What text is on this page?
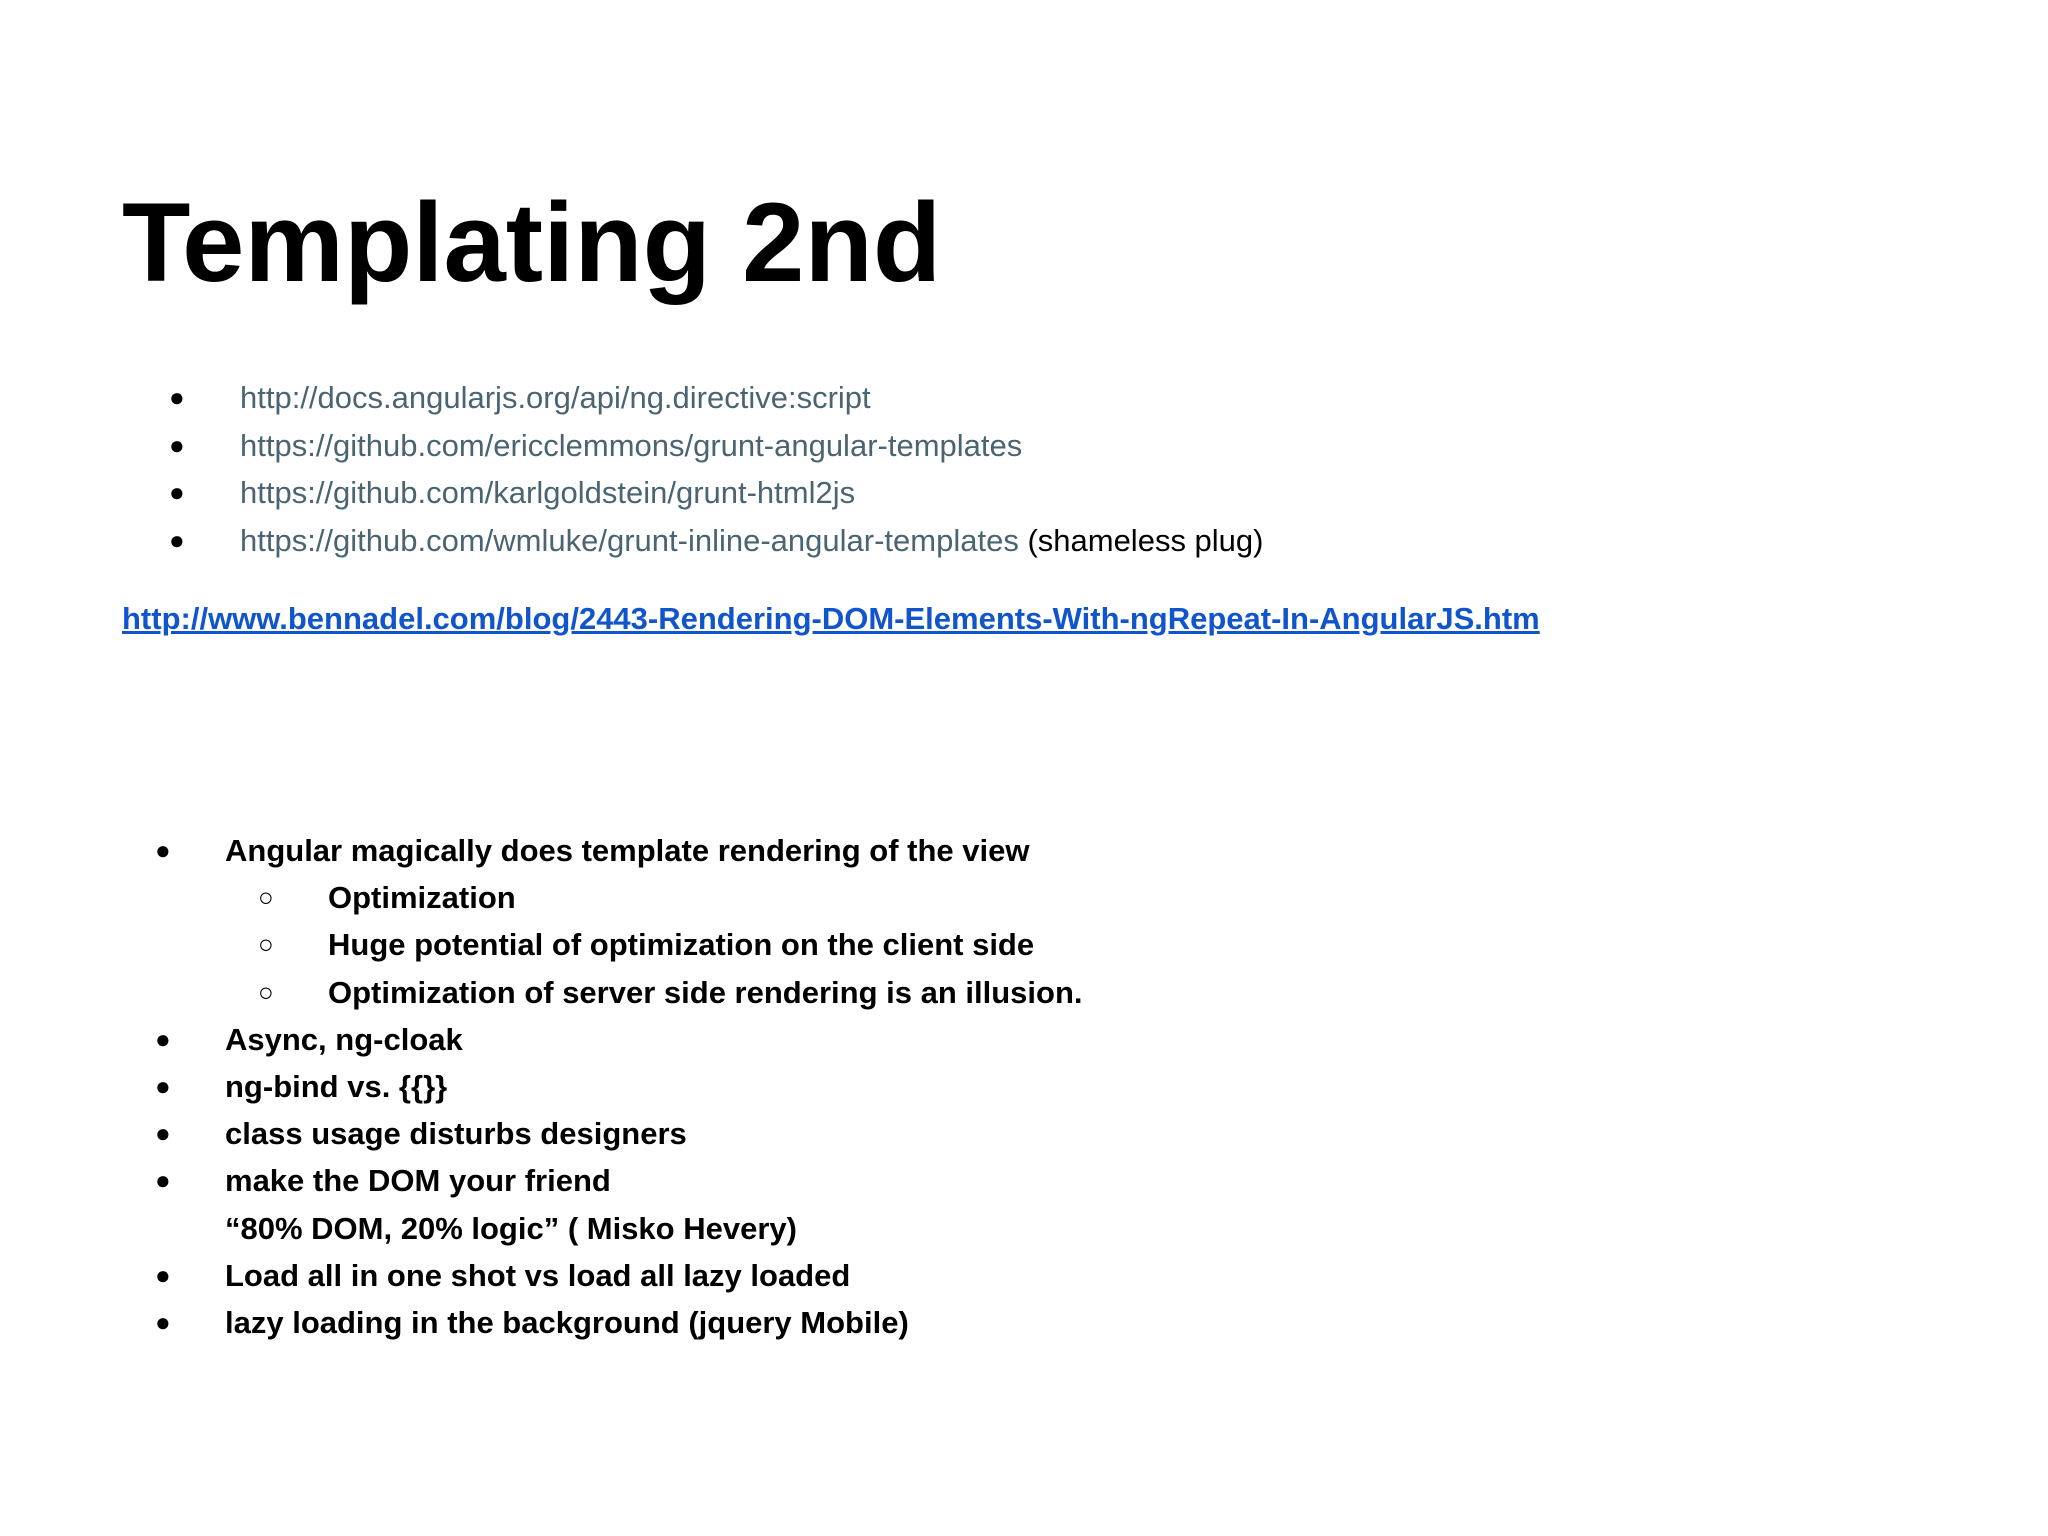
Templating 2nd
● http://docs.angularjs.org/api/ng.directive:script
● https://github.com/ericclemmons/grunt-angular-templates
● https://github.com/karlgoldstein/grunt-html2js
● https://github.com/wmluke/grunt-inline-angular-templates (shameless plug)
http://www.bennadel.com/blog/2443-Rendering-DOM-Elements-With-ngRepeat-In-AngularJS.htm
● Angular magically does template rendering of the view
○ Optimization
○ Huge potential of optimization on the client side
○ Optimization of server side rendering is an illusion.
● Async, ng-cloak
● ng-bind vs. {{}}
● class usage disturbs designers
● make the DOM your friend
“80% DOM, 20% logic” ( Misko Hevery)
● Load all in one shot vs load all lazy loaded
● lazy loading in the background (jquery Mobile)
